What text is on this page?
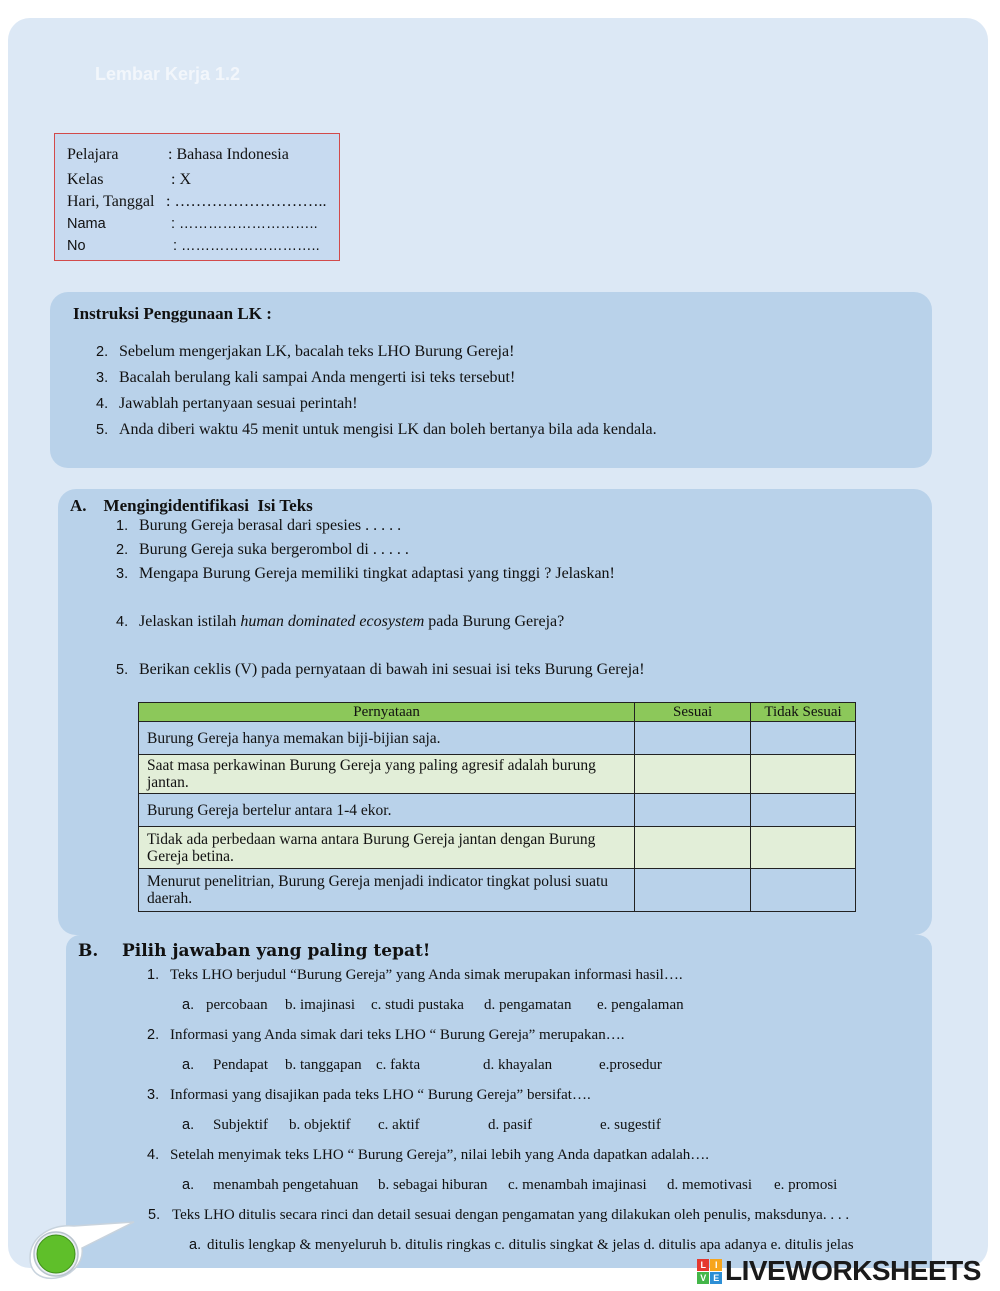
Lembar Kerja 1.2
Pelajara	: Bahasa Indonesia
Kelas	: X
Hari, Tanggal : ………………………..
Nama	: ………………………..
No	: ………………………..
Instruksi Penggunaan LK :
2. Sebelum mengerjakan LK, bacalah teks LHO Burung Gereja!
3. Bacalah berulang kali sampai Anda mengerti isi teks tersebut!
4. Jawablah pertanyaan sesuai perintah!
5. Anda diberi waktu 45 menit untuk mengisi LK dan boleh bertanya bila ada kendala.
A.    Mengingidentifikasi  Isi Teks
1. Burung Gereja berasal dari spesies . . . . .
2. Burung Gereja suka bergerombol di . . . . .
3. Mengapa Burung Gereja memiliki tingkat adaptasi yang tinggi ? Jelaskan!
4. Jelaskan istilah human dominated ecosystem pada Burung Gereja?
5. Berikan ceklis (V) pada pernyataan di bawah ini sesuai isi teks Burung Gereja!
Pernyataan	Sesuai	Tidak Sesuai
Burung Gereja hanya memakan biji-bijian saja.		
Saat masa perkawinan Burung Gereja yang paling agresif adalah burung jantan.		
Burung Gereja bertelur antara 1-4 ekor.		
Tidak ada perbedaan warna antara Burung Gereja jantan dengan Burung Gereja betina.		
Menurut penelitrian, Burung Gereja menjadi indicator tingkat polusi suatu daerah.		
B.    Pilih jawaban yang paling tepat!
1. Teks LHO berjudul “Burung Gereja” yang Anda simak merupakan informasi hasil….
a. percobaan b. imajinasi c. studi pustaka d. pengamatan e. pengalaman
2. Informasi yang Anda simak dari teks LHO “ Burung Gereja” merupakan….
a. Pendapat b. tanggapan c. fakta	d. khayalan	e.prosedur
3. Informasi yang disajikan pada teks LHO “ Burung Gereja” bersifat….
a. Subjektif b. objektif c. aktif	d. pasif	e. sugestif
4. Setelah menyimak teks LHO “ Burung Gereja”, nilai lebih yang Anda dapatkan adalah….
a. menambah pengetahuan b. sebagai hiburan c. menambah imajinasi d. memotivasi e. promosi
5. Teks LHO ditulis secara rinci dan detail sesuai dengan pengamatan yang dilakukan oleh penulis, maksdunya. . . .
a. ditulis lengkap & menyeluruh b. ditulis ringkas c. ditulis singkat & jelas d. ditulis apa adanya e. ditulis jelas
L	I
V E LIVEWORKSHEETS
